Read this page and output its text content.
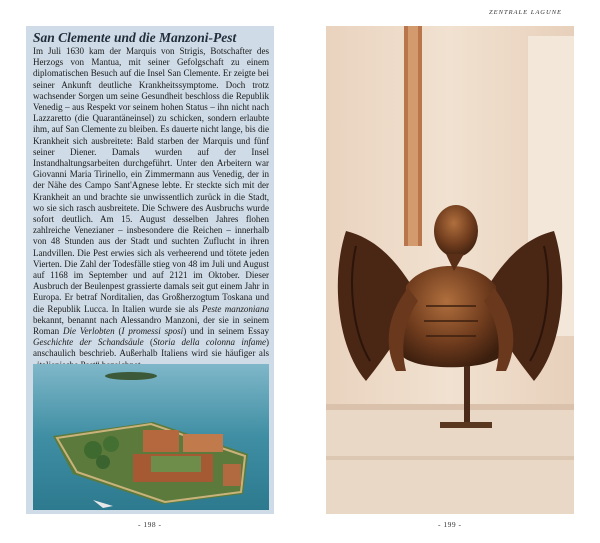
San Clemente und die Manzoni-Pest

Im Juli 1630 kam der Marquis von Strigis, Botschafter des Herzogs von Mantua, mit seiner Gefolgschaft zu einem diplomatischen Besuch auf die Insel San Clemente. Er zeigte bei seiner Ankunft deutliche Krankheitssymptome. Doch trotz wachsender Sorgen um seine Gesundheit beschloss die Republik Venedig – aus Respekt vor seinem hohen Status – ihn nicht nach Lazzaretto (die Quarantäneinsel) zu schicken, sondern erlaubte ihm, auf San Clemente zu bleiben. Es dauerte nicht lange, bis die Krankheit sich ausbreitete: Bald starben der Marquis und fünf seiner Diener. Damals wurden auf der Insel Instandhaltungsarbeiten durchgeführt. Unter den Arbeitern war Giovanni Maria Tirinello, ein Zimmermann aus Venedig, der in der Nähe des Campo Sant'Agnese lebte. Er steckte sich mit der Krankheit an und brachte sie unwissentlich zurück in die Stadt, wo sie sich rasch ausbreitete. Die Schwere des Ausbruchs wurde sofort deutlich. Am 15. August desselben Jahres flohen zahlreiche Venezianer – insbesondere die Reichen – innerhalb von 48 Stunden aus der Stadt und suchten Zuflucht in ihren Landvillen. Die Pest erwies sich als verheerend und tötete jeden Vierten. Die Zahl der Todesfälle stieg von 48 im Juli und August auf 1168 im September und auf 2121 im Oktober. Dieser Ausbruch der Beulenpest grassierte damals seit gut einem Jahr in Europa. Er betraf Norditalien, das Großherzogtum Toskana und die Republik Lucca. In Italien wurde sie als Peste manzoniana bekannt, benannt nach Alessandro Manzoni, der sie in seinem Roman Die Verlobten (I promessi sposi) und in seinem Essay Geschichte der Schandsäule (Storia della colonna infame) anschaulich beschrieb. Außerhalb Italiens wird sie häufiger als

- 198 -
ZENTRALE LAGUNE
- 199 -
